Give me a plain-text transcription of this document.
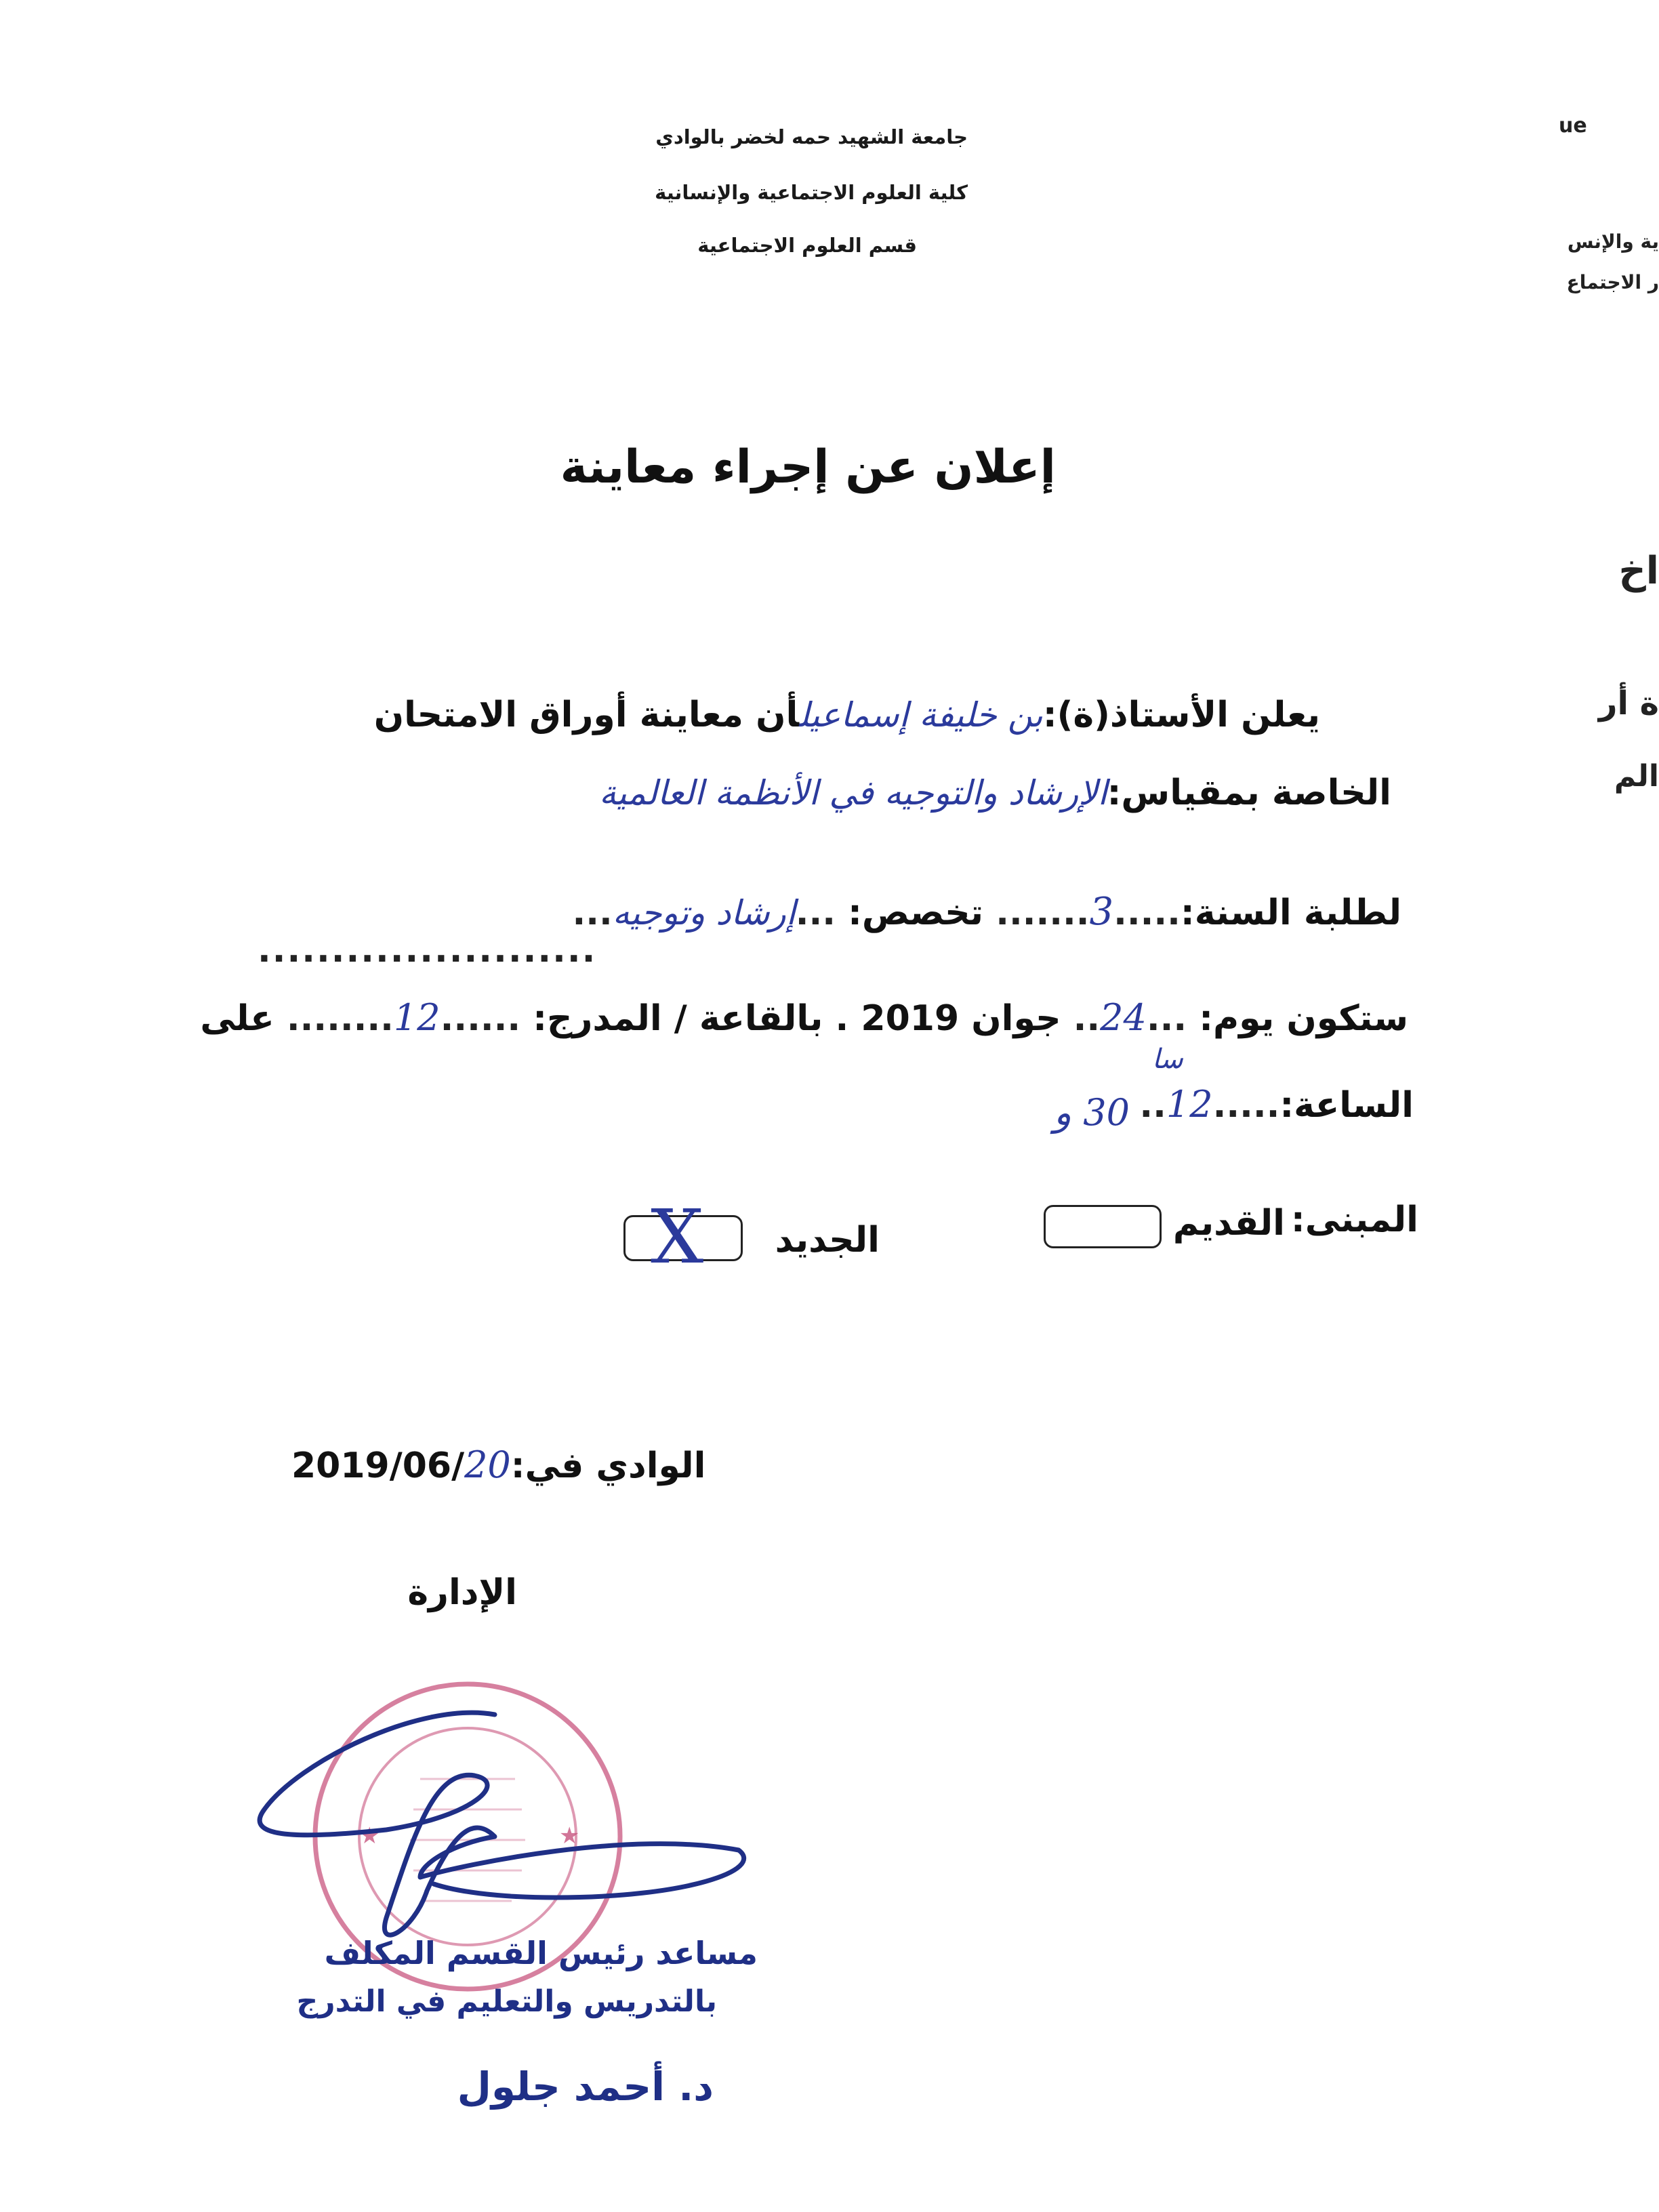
جامعة الشهيد حمه لخضر بالوادي
كلية العلوم الاجتماعية والإنسانية
قسم العلوم الاجتماعية
إعلان عن إجراء معاينة
يعلن الأستاذ(ة):بن خليفة إسماعيلأن معاينة أوراق الامتحان
الخاصة بمقياس:الإرشاد والتوجيه في الأنظمة العالمية
لطلبة السنة:.....3....... تخصص: ...إرشاد وتوجيه...
.......................
ستكون يوم: ...24.. جوان 2019 . بالقاعة / المدرج: ......12........ على
الساعة:.....12..
30 و
سا
المبنى:
القديم
الجديد
X
2019/06/20الوادي في:
الإدارة
★	★
مساعد رئيس القسم المكلف
بالتدريس والتعليم في التدرج
د. أحمد جلول
ue
ية والإنس
ر الاجتماع
اخ
ة أر
الم
